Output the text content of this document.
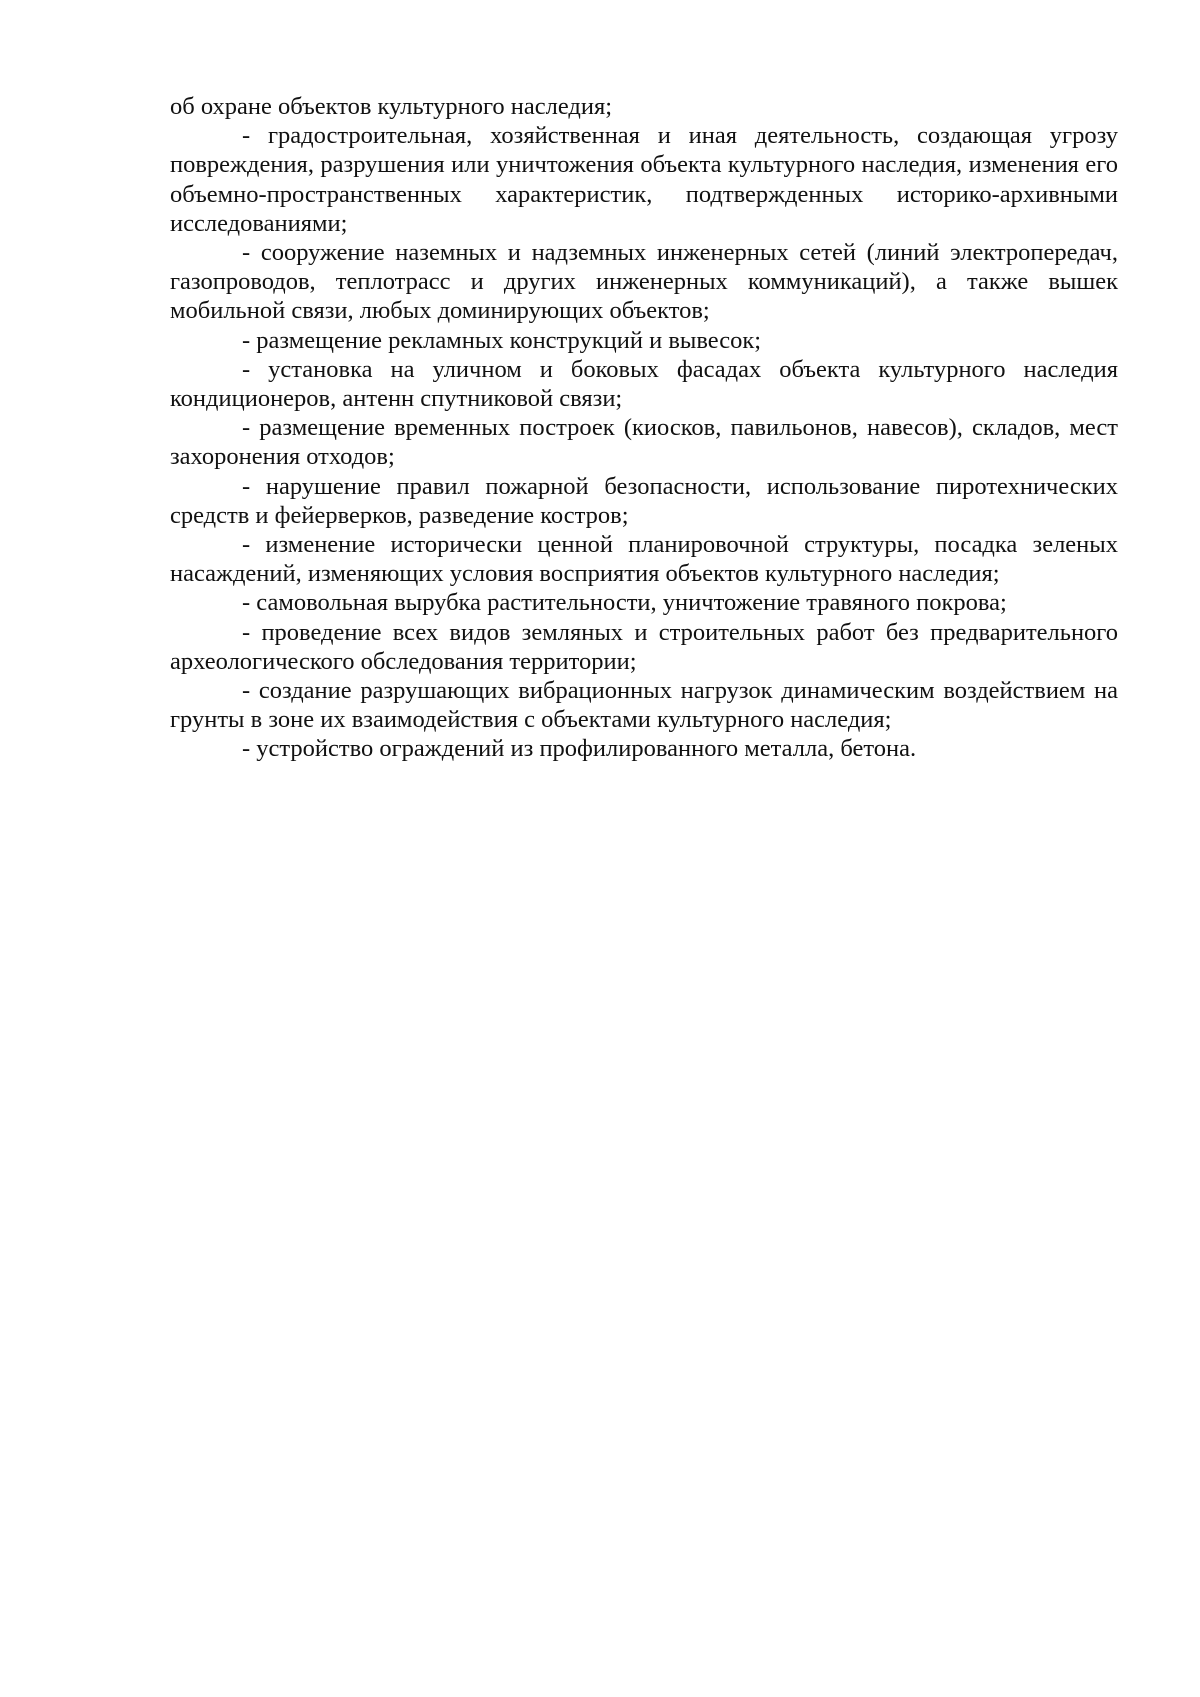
об охране объектов культурного наследия;

- градостроительная, хозяйственная и иная деятельность, создающая угрозу повреждения, разрушения или уничтожения объекта культурного наследия, изменения его объемно-пространственных характеристик, подтвержденных историко-архивными исследованиями;

- сооружение наземных и надземных инженерных сетей (линий электропередач, газопроводов, теплотрасс и других инженерных коммуникаций), а также вышек мобильной связи, любых доминирующих объектов;

- размещение рекламных конструкций и вывесок;

- установка на уличном и боковых фасадах объекта культурного наследия кондиционеров, антенн спутниковой связи;

- размещение временных построек (киосков, павильонов, навесов), складов, мест захоронения отходов;

- нарушение правил пожарной безопасности, использование пиротехнических средств и фейерверков, разведение костров;

- изменение исторически ценной планировочной структуры, посадка зеленых насаждений, изменяющих условия восприятия объектов культурного наследия;

- самовольная вырубка растительности, уничтожение травяного покрова;

- проведение всех видов земляных и строительных работ без предварительного археологического обследования территории;

- создание разрушающих вибрационных нагрузок динамическим воздействием на грунты в зоне их взаимодействия с объектами культурного наследия;

- устройство ограждений из профилированного металла, бетона.
